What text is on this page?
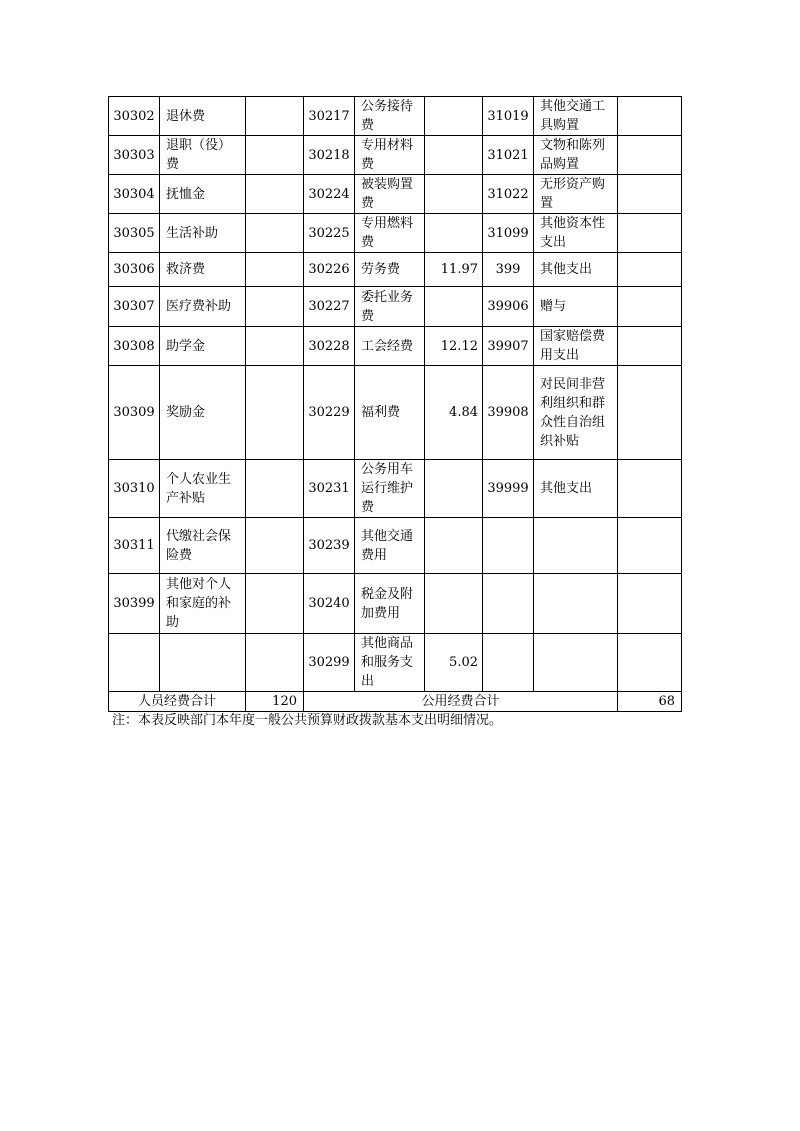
30302	退休费		30217	公务接待费		31019	其他交通工具购置	
30303	退职（役）费		30218	专用材料费		31021	文物和陈列品购置	
30304	抚恤金		30224	被装购置费		31022	无形资产购置	
30305	生活补助		30225	专用燃料费		31099	其他资本性支出	
30306	救济费		30226	劳务费	11.97	399	其他支出	
30307	医疗费补助		30227	委托业务费		39906	赠与	
30308	助学金		30228	工会经费	12.12	39907	国家赔偿费用支出	
30309	奖励金		30229	福利费	4.84	39908	对民间非营利组织和群众性自治组织补贴	
30310	个人农业生产补贴		30231	公务用车运行维护费		39999	其他支出	
30311	代缴社会保险费		30239	其他交通费用				
30399	其他对个人和家庭的补助		30240	税金及附加费用				
			30299	其他商品和服务支出	5.02			
人员经费合计		120	公用经费合计					68
注：本表反映部门本年度一般公共预算财政拨款基本支出明细情况。
